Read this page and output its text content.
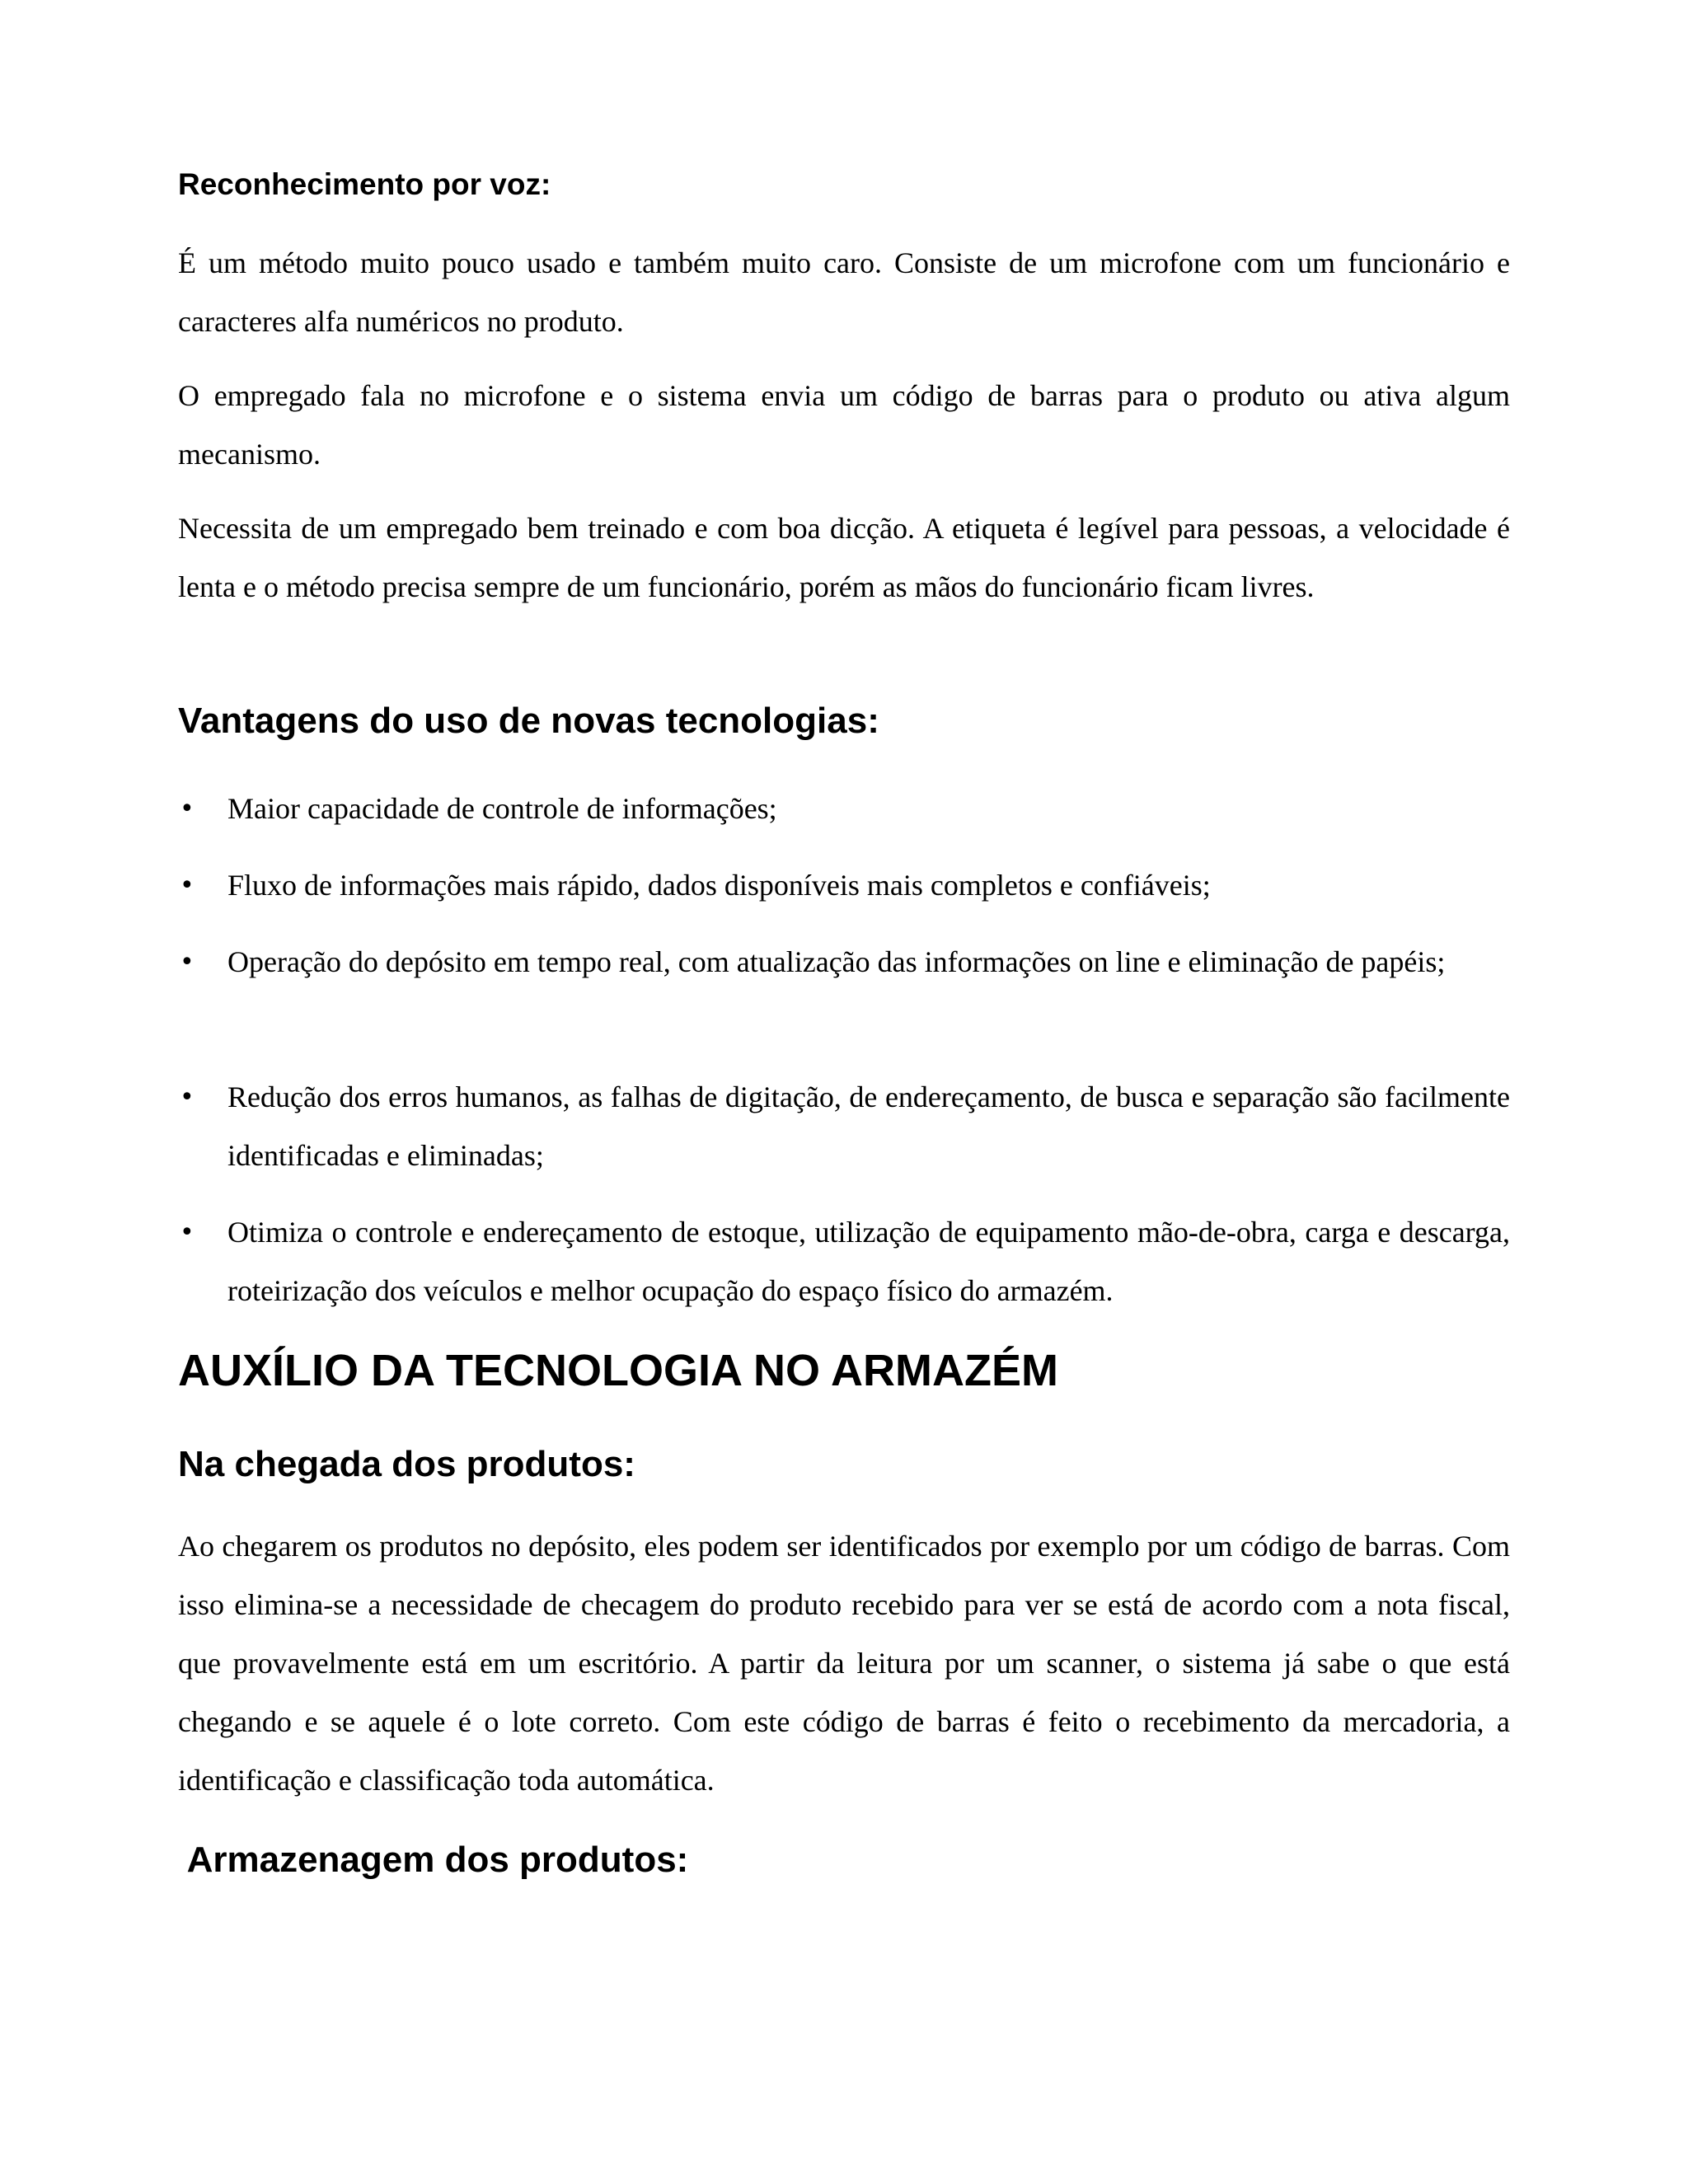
Reconhecimento por voz:

É um método muito pouco usado e também muito caro. Consiste de um microfone com um funcionário e caracteres alfa numéricos no produto.

O empregado fala no microfone e o sistema envia um código de barras para o produto ou ativa algum mecanismo.

Necessita de um empregado bem treinado e com boa dicção. A etiqueta é legível para pessoas, a velocidade é lenta e o método precisa sempre de um funcionário, porém as mãos do funcionário ficam livres.

Vantagens do uso de novas tecnologias:
• Maior capacidade de controle de informações;
• Fluxo de informações mais rápido, dados disponíveis mais completos e confiáveis;
• Operação do depósito em tempo real, com atualização das informações on line e eliminação de papéis;
• Redução dos erros humanos, as falhas de digitação, de endereçamento, de busca e separação são facilmente identificadas e eliminadas;
• Otimiza o controle e endereçamento de estoque, utilização de equipamento mão-de-obra, carga e descarga, roteirização dos veículos e melhor ocupação do espaço físico do armazém.
AUXÍLIO DA TECNOLOGIA NO ARMAZÉM
Na chegada dos produtos:

Ao chegarem os produtos no depósito, eles podem ser identificados por exemplo por um código de barras. Com isso elimina-se a necessidade de checagem do produto recebido para ver se está de acordo com a nota fiscal, que provavelmente está em um escritório. A partir da leitura por um scanner, o sistema já sabe o que está chegando e se aquele é o lote correto. Com este código de barras é feito o recebimento da mercadoria, a identificação e classificação toda automática.

Armazenagem dos produtos:
